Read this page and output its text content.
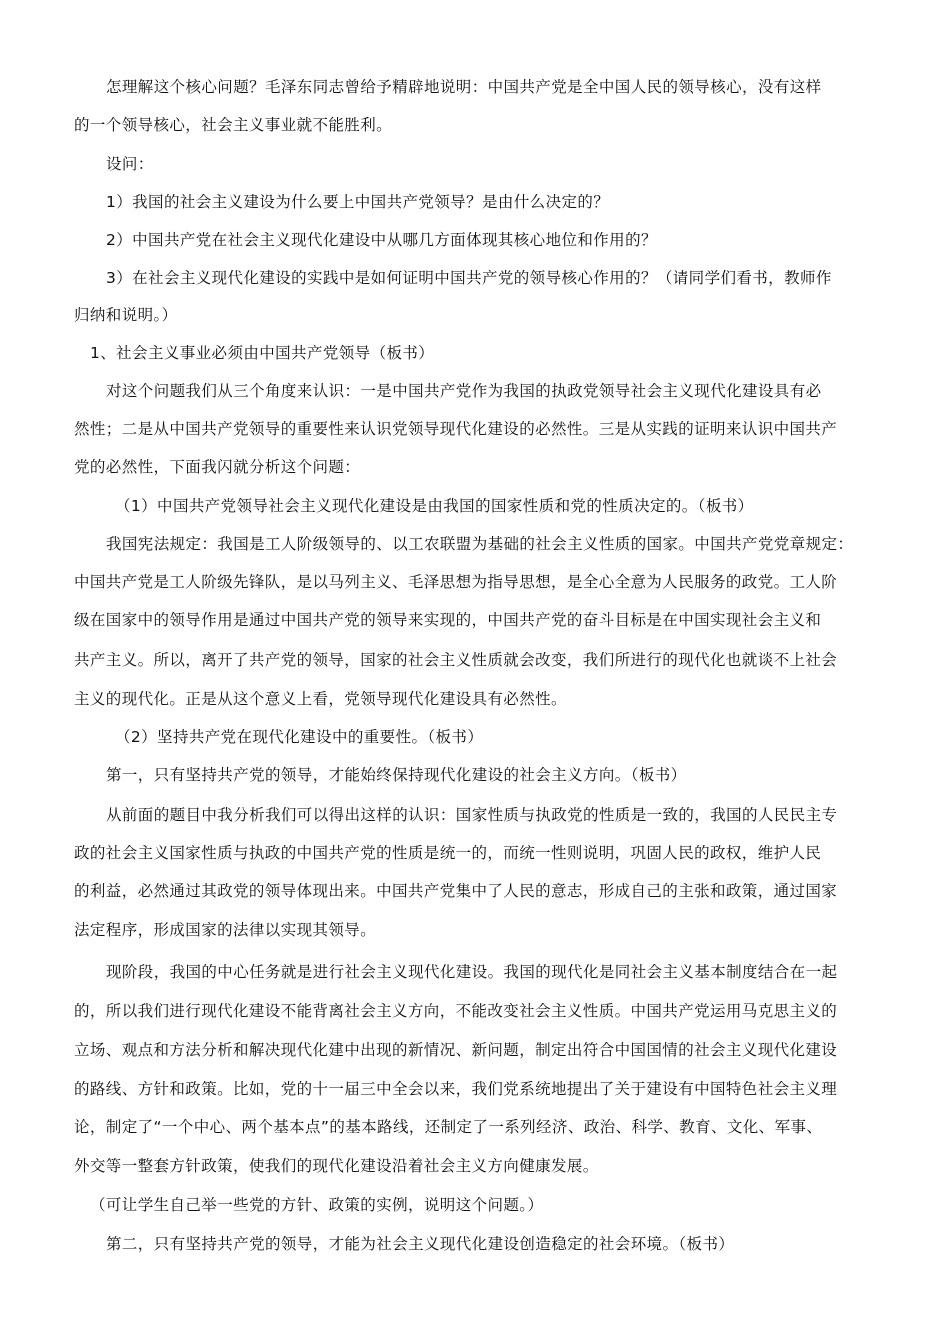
怎理解这个核心问题？毛泽东同志曾给予精辟地说明：中国共产党是全中国人民的领导核心，没有这样
的一个领导核心，社会主义事业就不能胜利。
设问：
1）我国的社会主义建设为什么要上中国共产党领导？是由什么决定的？
2）中国共产党在社会主义现代化建设中从哪几方面体现其核心地位和作用的？
3）在社会主义现代化建设的实践中是如何证明中国共产党的领导核心作用的？（请同学们看书，教师作
归纳和说明。）
1、社会主义事业必须由中国共产党领导（板书）
对这个问题我们从三个角度来认识：一是中国共产党作为我国的执政党领导社会主义现代化建设具有必
然性；二是从中国共产党领导的重要性来认识党领导现代化建设的必然性。三是从实践的证明来认识中国共产
党的必然性，下面我闪就分析这个问题：
（1）中国共产党领导社会主义现代化建设是由我国的国家性质和党的性质决定的。（板书）
我国宪法规定：我国是工人阶级领导的、以工农联盟为基础的社会主义性质的国家。中国共产党党章规定：
中国共产党是工人阶级先锋队，是以马列主义、毛泽思想为指导思想，是全心全意为人民服务的政党。工人阶
级在国家中的领导作用是通过中国共产党的领导来实现的，中国共产党的奋斗目标是在中国实现社会主义和
共产主义。所以，离开了共产党的领导，国家的社会主义性质就会改变，我们所进行的现代化也就谈不上社会
主义的现代化。正是从这个意义上看，党领导现代化建设具有必然性。
（2）坚持共产党在现代化建设中的重要性。（板书）
第一，只有坚持共产党的领导，才能始终保持现代化建设的社会主义方向。（板书）
从前面的题目中我分析我们可以得出这样的认识：国家性质与执政党的性质是一致的，我国的人民民主专
政的社会主义国家性质与执政的中国共产党的性质是统一的，而统一性则说明，巩固人民的政权，维护人民
的利益，必然通过其政党的领导体现出来。中国共产党集中了人民的意志，形成自己的主张和政策，通过国家
法定程序，形成国家的法律以实现其领导。
现阶段，我国的中心任务就是进行社会主义现代化建设。我国的现代化是同社会主义基本制度结合在一起
的，所以我们进行现代化建设不能背离社会主义方向，不能改变社会主义性质。中国共产党运用马克思主义的
立场、观点和方法分析和解决现代化建中出现的新情况、新问题，制定出符合中国国情的社会主义现代化建设
的路线、方针和政策。比如，党的十一届三中全会以来，我们党系统地提出了关于建设有中国特色社会主义理
论，制定了“一个中心、两个基本点”的基本路线，还制定了一系列经济、政治、科学、教育、文化、军事、
外交等一整套方针政策，使我们的现代化建设沿着社会主义方向健康发展。
（可让学生自己举一些党的方针、政策的实例，说明这个问题。）
第二，只有坚持共产党的领导，才能为社会主义现代化建设创造稳定的社会环境。（板书）
